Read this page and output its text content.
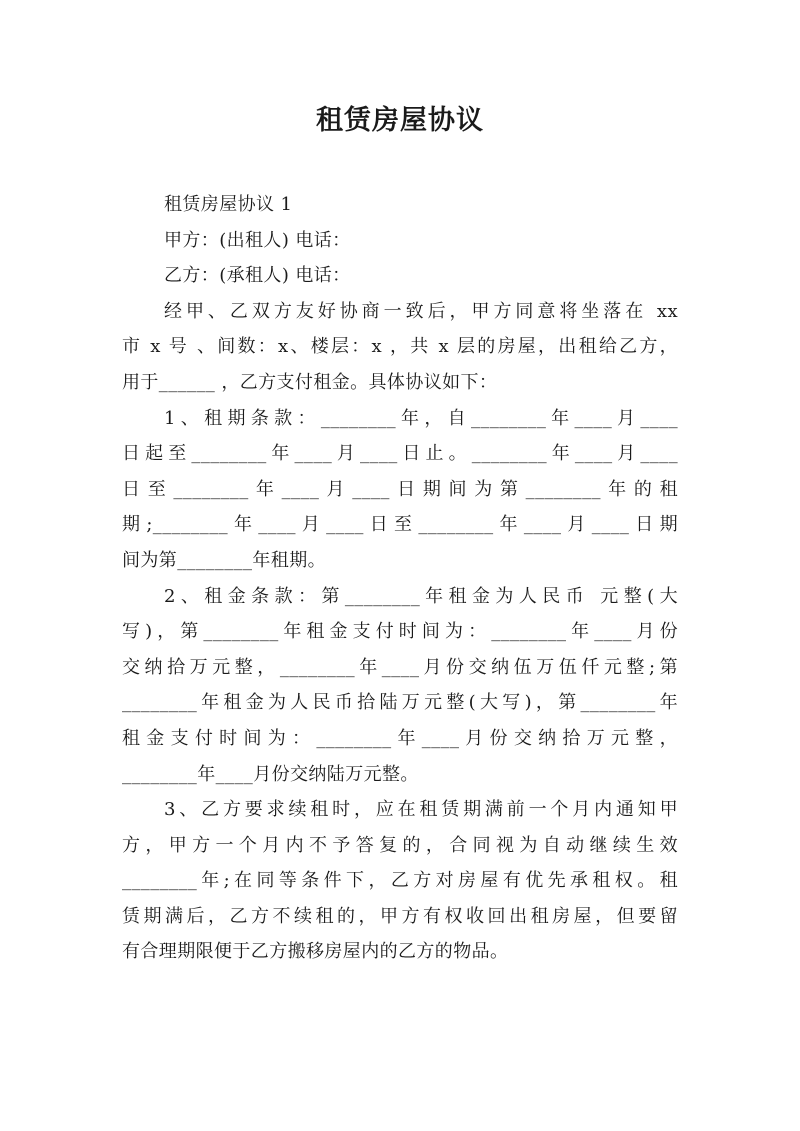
租赁房屋协议
租赁房屋协议 1
甲方：(出租人) 电话：
乙方：(承租人) 电话：
经甲、乙双方友好协商一致后，甲方同意将坐落在 xx
市 x 号 、间数：x、楼层：x ，共 x 层的房屋，出租给乙方，
用于______ ，乙方支付租金。具体协议如下：
1、租期条款：________年，自________年____月____
日起至________年____月____日止。________年____月____
日至________年____月____日期间为第________年的租
期;________年____月____日至________年____月____日期
间为第________年租期。
2、租金条款：第________年租金为人民币 元整(大
写)，第________年租金支付时间为：________年____月份
交纳拾万元整，________年____月份交纳伍万伍仟元整;第
________年租金为人民币拾陆万元整(大写)，第________年
租金支付时间为：________年____月份交纳拾万元整，
________年____月份交纳陆万元整。
3、乙方要求续租时，应在租赁期满前一个月内通知甲
方，甲方一个月内不予答复的，合同视为自动继续生效
________年;在同等条件下，乙方对房屋有优先承租权。租
赁期满后，乙方不续租的，甲方有权收回出租房屋，但要留
有合理期限便于乙方搬移房屋内的乙方的物品。
